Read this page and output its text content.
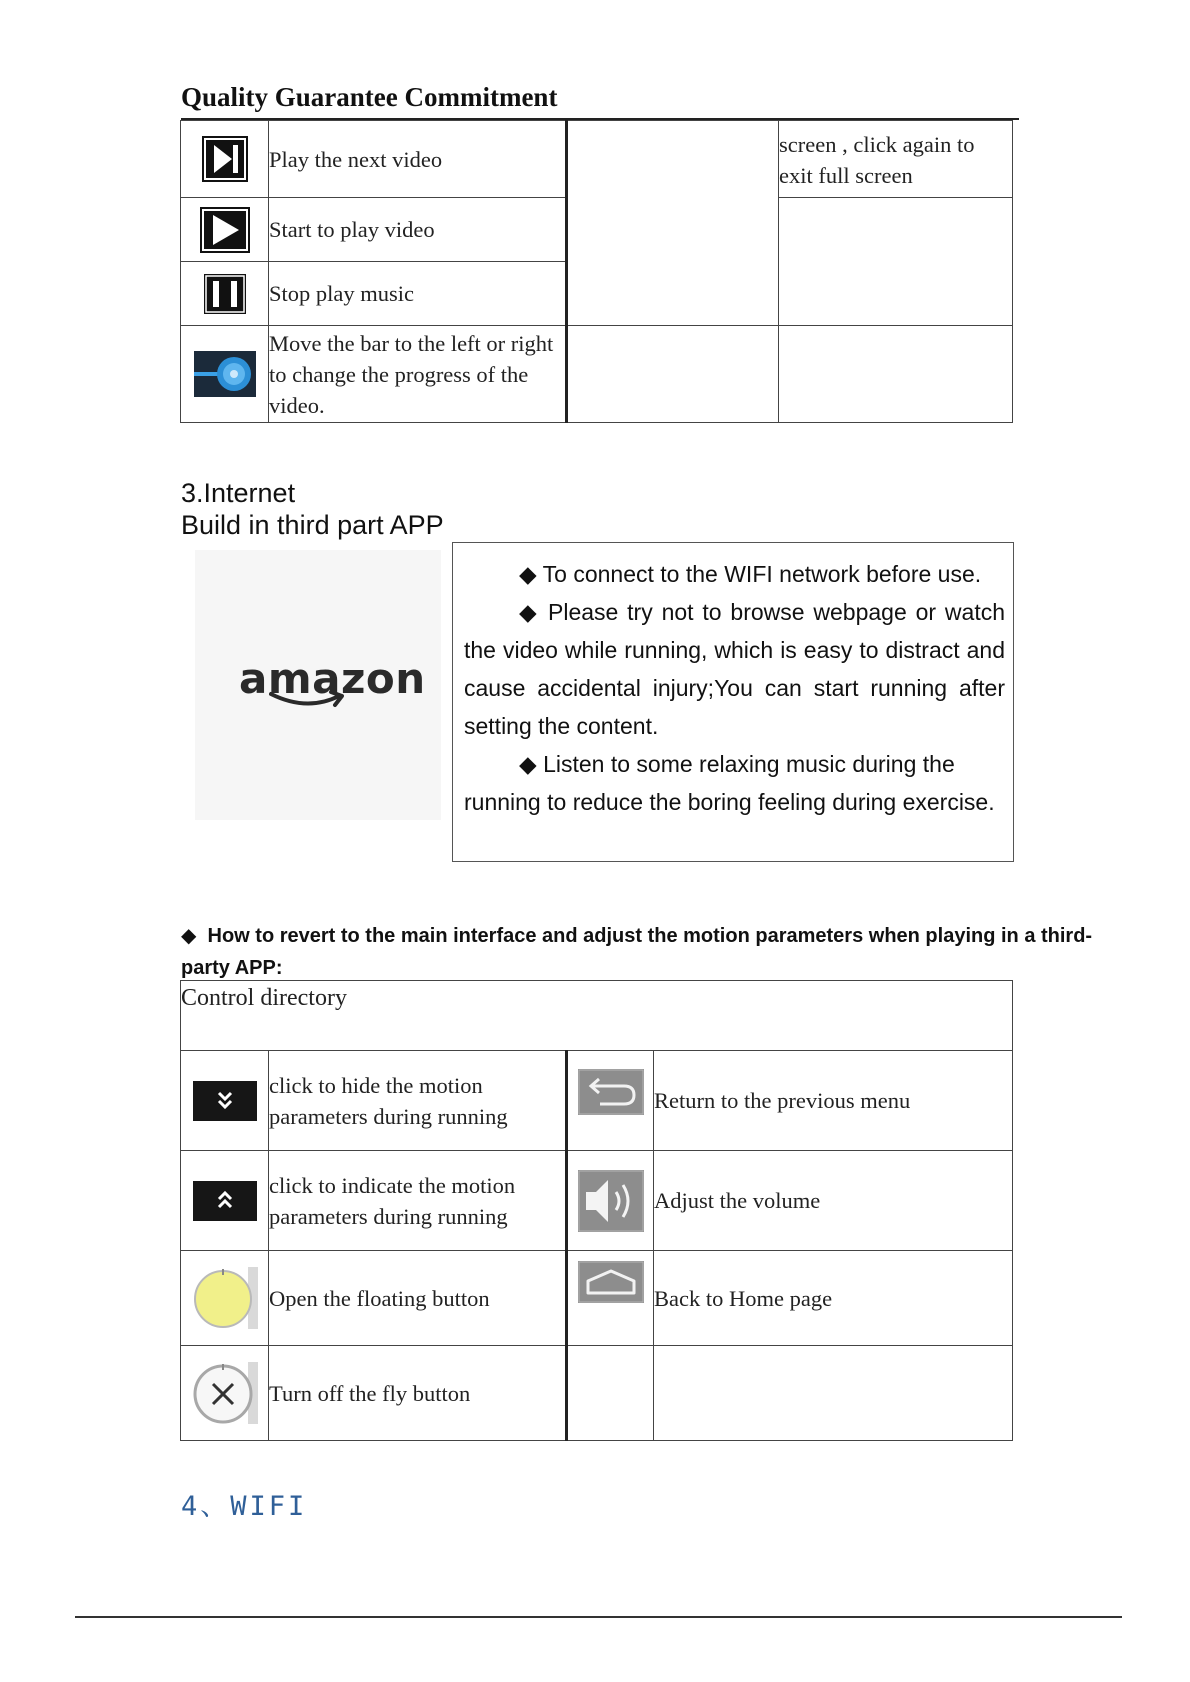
Quality Guarantee Commitment
	Play the next video		screen , click again to exit full screen
	Start to play video		
	Stop play music		
	Move the bar to the left or right to change the progress of the video.		
3.Internet
Build in third part APP
amazon
◆ To connect to the WIFI network before use.
◆ Please try not to browse webpage or watch the video while running, which is easy to distract and cause accidental injury;You can start running after setting the content.
◆ Listen to some relaxing music during the running to reduce the boring feeling during exercise.
◆ How to revert to the main interface and adjust the motion parameters when playing in a third-party APP:
Control directory			
	click to hide the motion parameters during running		Return to the previous menu
	click to indicate the motion parameters during running		Adjust the volume
	Open the floating button		Back to Home page
	Turn off the fly button		
4、WIFI
